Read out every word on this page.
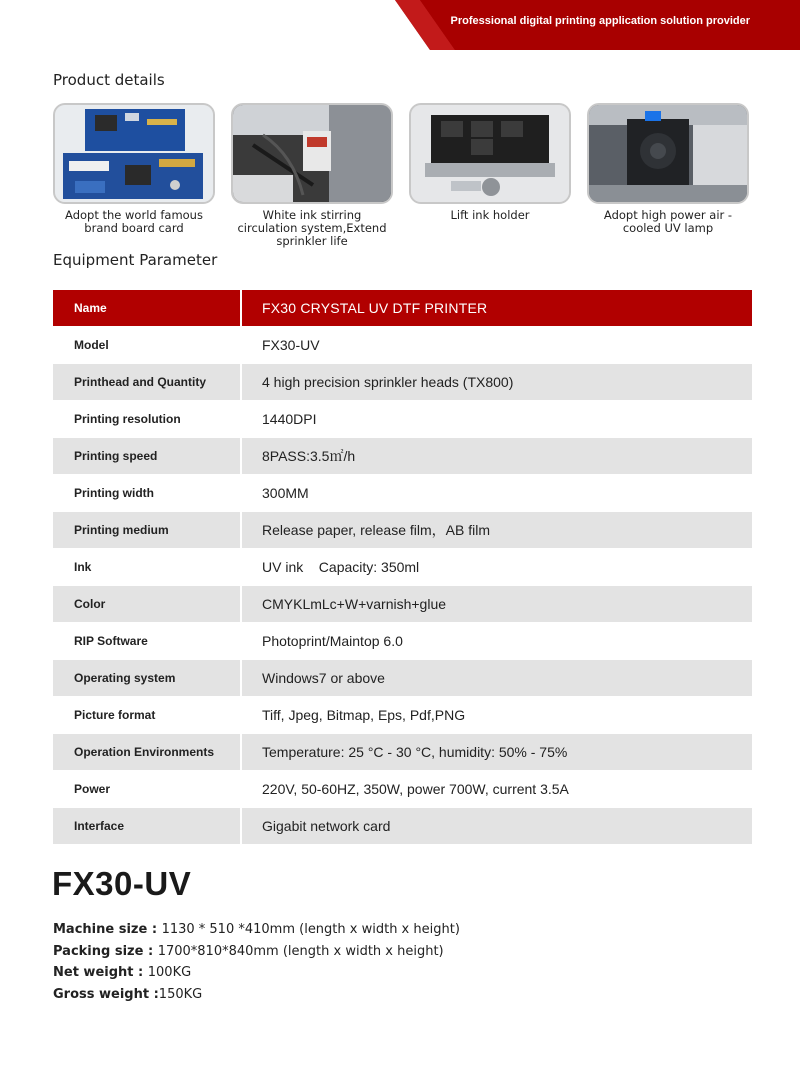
Professional digital printing application solution provider
Product details
Adopt the world famous brand board card
White ink stirring circulation system,Extend sprinkler life
Lift ink holder	Adopt high power air - cooled UV lamp
Equipment Parameter
Name	FX30 CRYSTAL UV DTF PRINTER
Model	FX30-UV
Printhead and Quantity	4 high precision sprinkler heads (TX800)
Printing resolution	1440DPI
Printing speed	8PASS:3.5㎡/h
Printing width	300MM
Printing medium	Release paper, release film，AB film
Ink	UV ink    Capacity: 350ml
Color	CMYKLmLc+W+varnish+glue
RIP Software	Photoprint/Maintop 6.0
Operating system	Windows7 or above
Picture format	Tiff, Jpeg, Bitmap, Eps, Pdf,PNG
Operation Environments	Temperature: 25 °C - 30 °C, humidity: 50% - 75%
Power	220V, 50-60HZ, 350W, power 700W, current 3.5A
Interface	Gigabit network card
FX30-UV
Machine size : 1130 * 510 *410mm (length x width x height)
Packing size : 1700*810*840mm (length x width x height)
Net weight : 100KG
Gross weight :150KG
